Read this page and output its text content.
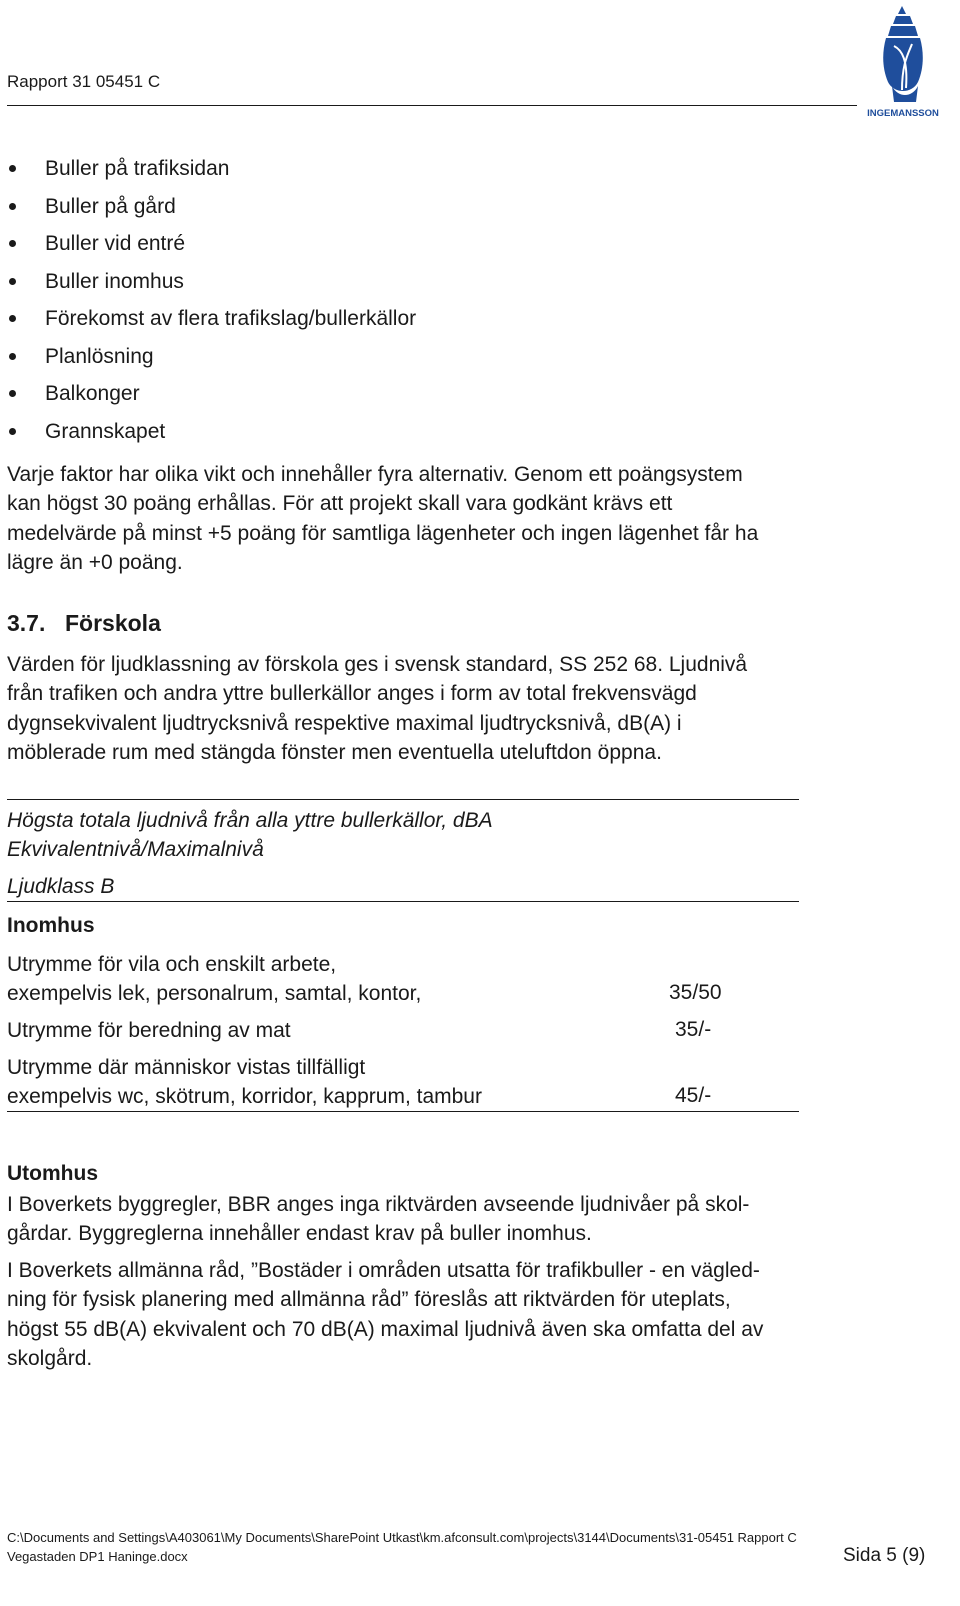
Rapport 31 05451 C
INGEMANSSON
Buller på trafiksidan
Buller på gård
Buller vid entré
Buller inomhus
Förekomst av flera trafikslag/bullerkällor
Planlösning
Balkonger
Grannskapet
Varje faktor har olika vikt och innehåller fyra alternativ. Genom ett poängsystem
kan högst 30 poäng erhållas. För att projekt skall vara godkänt krävs ett
medelvärde på minst +5 poäng för samtliga lägenheter och ingen lägenhet får ha
lägre än +0 poäng.
3.7. Förskola
Värden för ljudklassning av förskola ges i svensk standard, SS 252 68. Ljudnivå
från trafiken och andra yttre bullerkällor anges i form av total frekvensvägd
dygnsekvivalent ljudtrycksnivå respektive maximal ljudtrycksnivå, dB(A) i
möblerade rum med stängda fönster men eventuella uteluftdon öppna.
Högsta totala ljudnivå från alla yttre bullerkällor, dBA
Ekvivalentnivå/Maximalnivå
Ljudklass B
Inomhus
Utrymme för vila och enskilt arbete,
exempelvis lek, personalrum, samtal, kontor,	35/50
Utrymme för beredning av mat	35/-
Utrymme där människor vistas tillfälligt
exempelvis wc, skötrum, korridor, kapprum, tambur	45/-
Utomhus
I Boverkets byggregler, BBR anges inga riktvärden avseende ljudnivåer på skol-
gårdar. Byggreglerna innehåller endast krav på buller inomhus.
I Boverkets allmänna råd, ”Bostäder i områden utsatta för trafikbuller - en vägled-
ning för fysisk planering med allmänna råd” föreslås att riktvärden för uteplats,
högst 55 dB(A) ekvivalent och 70 dB(A) maximal ljudnivå även ska omfatta del av
skolgård.
C:\Documents and Settings\A403061\My Documents\SharePoint Utkast\km.afconsult.com\projects\3144\Documents\31-05451 Rapport C
Vegastaden DP1 Haninge.docx	Sida 5 (9)
